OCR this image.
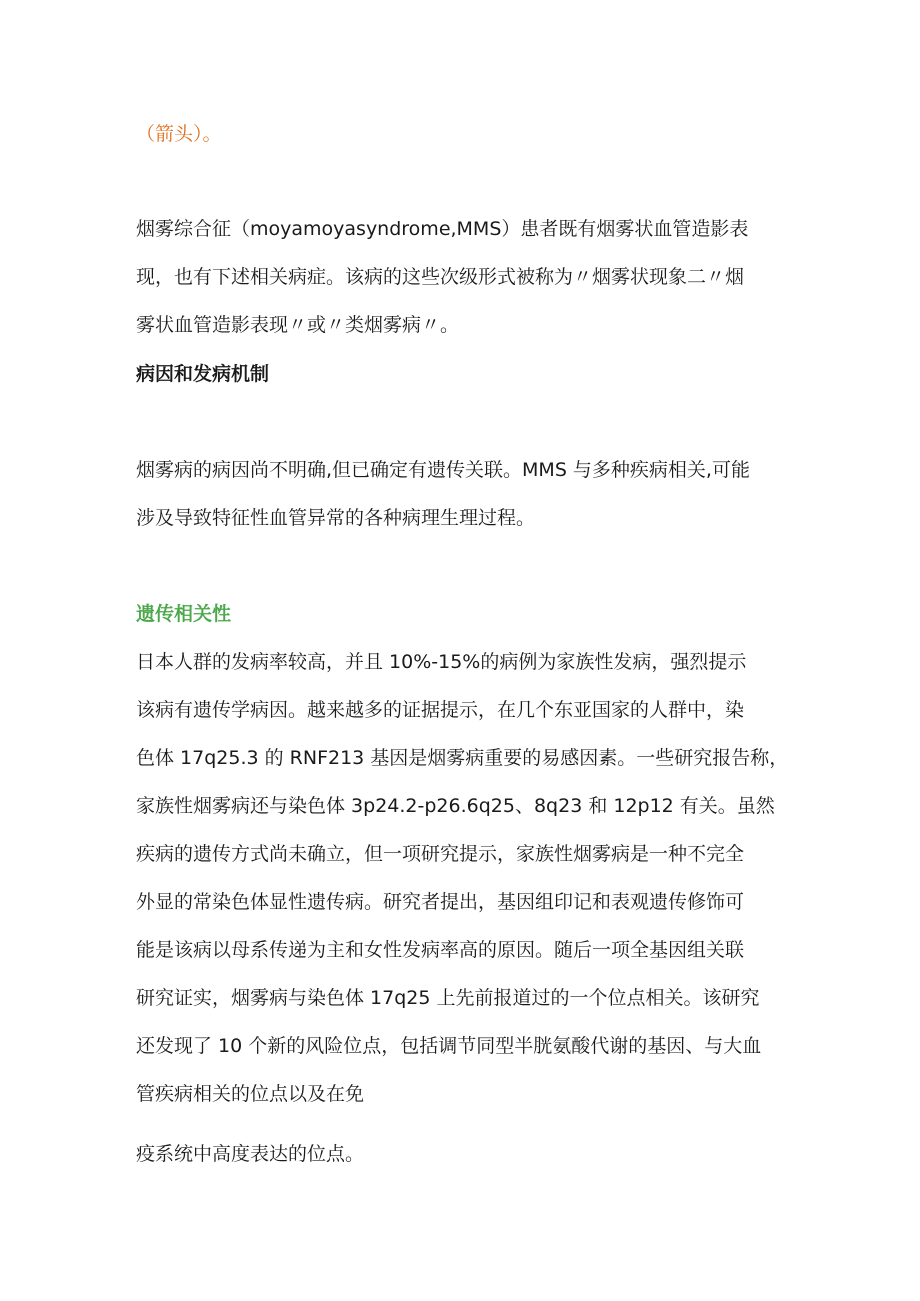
（箭头）。

烟雾综合征（moyamoyasyndrome,MMS）患者既有烟雾状血管造影表
现，也有下述相关病症。该病的这些次级形式被称为〃烟雾状现象二〃烟
雾状血管造影表现〃或〃类烟雾病〃。

病因和发病机制

烟雾病的病因尚不明确,但已确定有遗传关联。MMS 与多种疾病相关,可能
涉及导致特征性血管异常的各种病理生理过程。

遗传相关性

日本人群的发病率较高，并且 10%-15%的病例为家族性发病，强烈提示
该病有遗传学病因。越来越多的证据提示，在几个东亚国家的人群中，染
色体 17q25.3 的 RNF213 基因是烟雾病重要的易感因素。一些研究报告称，
家族性烟雾病还与染色体 3p24.2-p26.6q25、8q23 和 12p12 有关。虽然
疾病的遗传方式尚未确立，但一项研究提示，家族性烟雾病是一种不完全
外显的常染色体显性遗传病。研究者提出，基因组印记和表观遗传修饰可
能是该病以母系传递为主和女性发病率高的原因。随后一项全基因组关联
研究证实，烟雾病与染色体 17q25 上先前报道过的一个位点相关。该研究
还发现了 10 个新的风险位点，包括调节同型半胱氨酸代谢的基因、与大血
管疾病相关的位点以及在免

疫系统中高度表达的位点。
